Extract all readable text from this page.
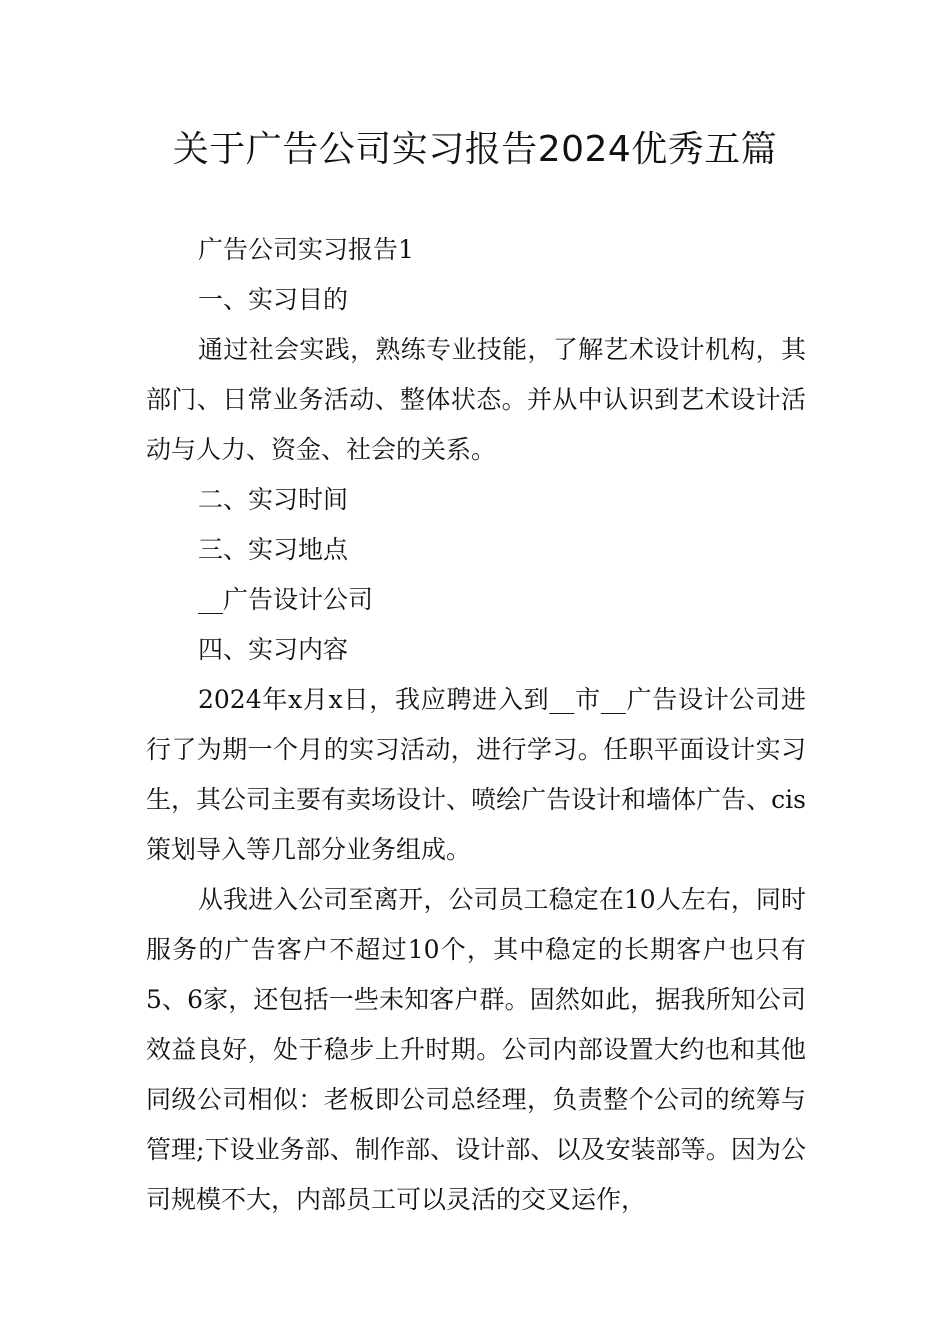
关于广告公司实习报告2024优秀五篇

广告公司实习报告1

一、实习目的

通过社会实践，熟练专业技能，了解艺术设计机构，其部门、日常业务活动、整体状态。并从中认识到艺术设计活动与人力、资金、社会的关系。

二、实习时间

三、实习地点

__广告设计公司

四、实习内容

2024年x月x日，我应聘进入到__市__广告设计公司进行了为期一个月的实习活动，进行学习。任职平面设计实习生，其公司主要有卖场设计、喷绘广告设计和墙体广告、cis策划导入等几部分业务组成。

从我进入公司至离开，公司员工稳定在10人左右，同时服务的广告客户不超过10个，其中稳定的长期客户也只有5、6家，还包括一些未知客户群。固然如此，据我所知公司效益良好，处于稳步上升时期。公司内部设置大约也和其他同级公司相似：老板即公司总经理，负责整个公司的统筹与管理;下设业务部、制作部、设计部、以及安装部等。因为公司规模不大，内部员工可以灵活的交叉运作，
